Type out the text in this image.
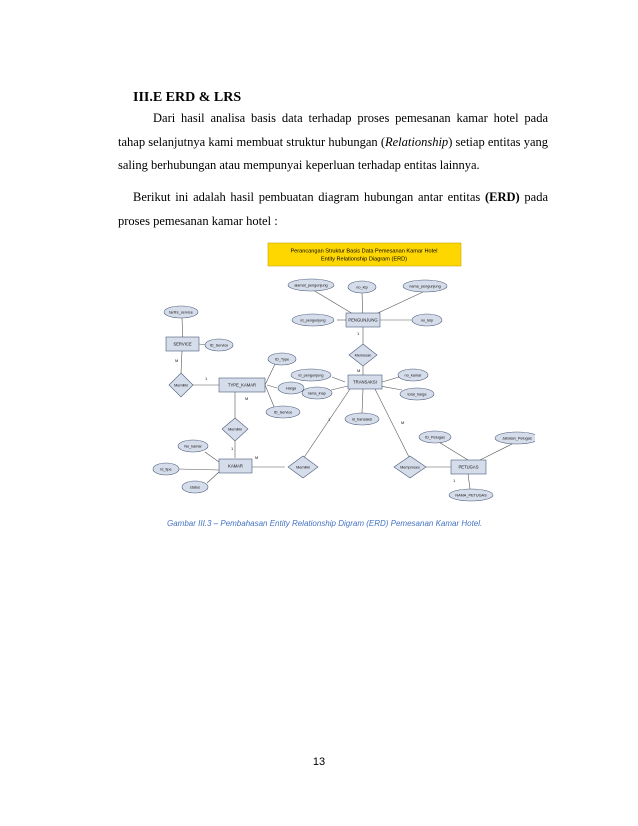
III.E ERD & LRS

Dari hasil analisa basis data terhadap proses pemesanan kamar hotel pada tahap selanjutnya kami membuat struktur hubungan (Relationship) setiap entitas yang saling berhubungan atau mempunyai keperluan terhadap entitas lainnya.

Berikut ini adalah hasil pembuatan diagram hubungan antar entitas (ERD) pada proses pemesanan kamar hotel :

Perancangan Struktur Basis Data Pemesanan Kamar Hotel
Entity Relationship Diagram (ERD)
PENGUNJUNG
SERVICE
TYPE_KAMAR
TRANSAKSI
KAMAR	PETUGAS
alamat_pengunjung	no_ktp	nama_pengunjung
id_pengunjung	no_telp
tarifrs_service
ID_Service
ID_Type
Harga
ID_Service
id_pengunjung
lama_inap
no_kamar
total_harga
id_transaksi
ID_Petugas	Jabatan_Petugas
NAMA_PETUGAS
No_kamar
id_tipe
status
Memesan
Memiliki
Memiliki
Memiliki	Memproses
1
M
M
1
M
1
M
1
M
1

Gambar III.3 – Pembahasan Entity Relationship Digram (ERD) Pemesanan Kamar Hotel.

13
